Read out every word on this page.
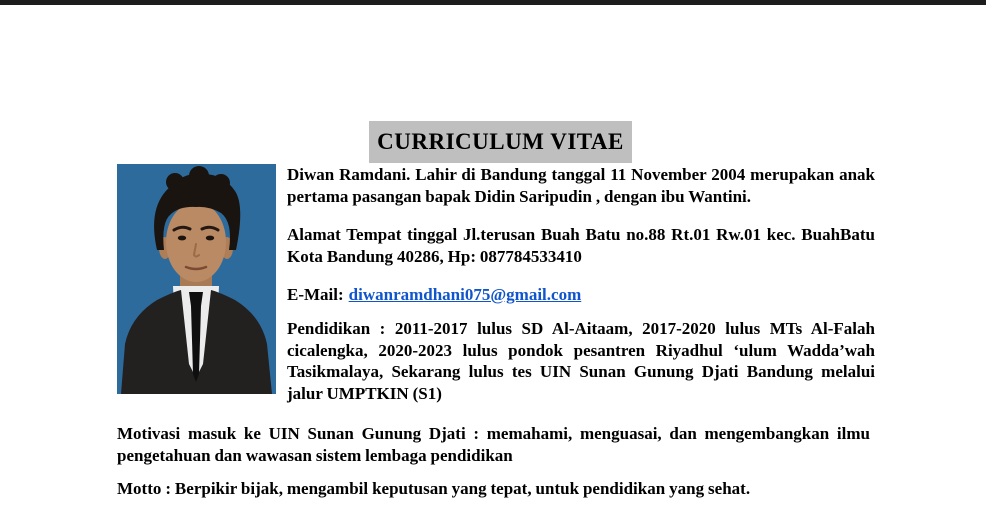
CURRICULUM VITAE

Diwan Ramdani. Lahir di Bandung tanggal 11 November 2004 merupakan anak pertama pasangan bapak Didin Saripudin , dengan ibu Wantini.

Alamat Tempat tinggal Jl.terusan Buah Batu no.88 Rt.01 Rw.01 kec. BuahBatu Kota Bandung 40286, Hp: 087784533410

E-Mail: diwanramdhani075@gmail.com

Pendidikan : 2011-2017 lulus SD Al-Aitaam, 2017-2020 lulus MTs Al-Falah cicalengka, 2020-2023 lulus pondok pesantren Riyadhul ‘ulum Wadda’wah Tasikmalaya, Sekarang lulus tes UIN Sunan Gunung Djati Bandung melalui jalur UMPTKIN (S1)

Motivasi masuk ke UIN Sunan Gunung Djati : memahami, menguasai, dan mengembangkan ilmu pengetahuan dan wawasan sistem lembaga pendidikan

Motto : Berpikir bijak, mengambil keputusan yang tepat, untuk pendidikan yang sehat.
